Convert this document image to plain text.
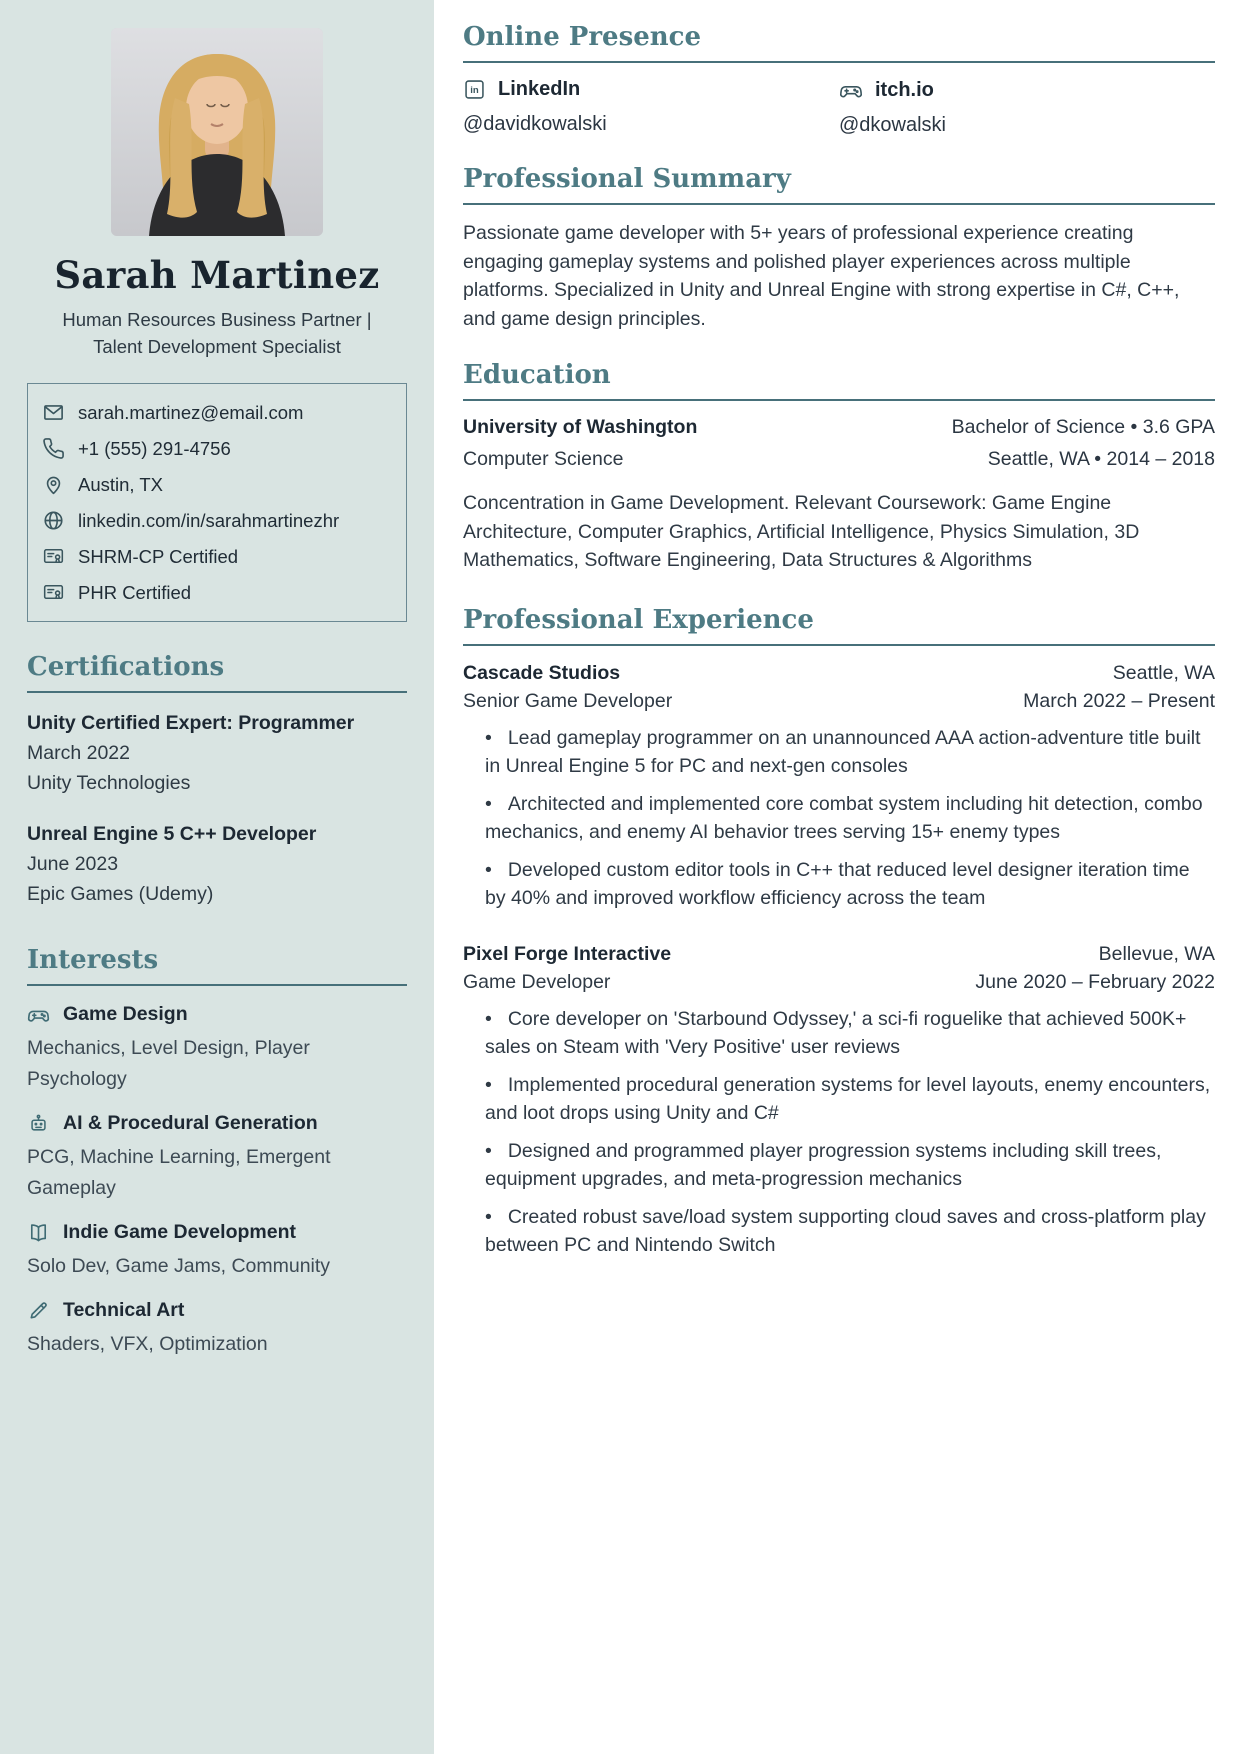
Sarah Martinez

Human Resources Business Partner | Talent Development Specialist

sarah.martinez@email.com
+1 (555) 291-4756
Austin, TX
linkedin.com/in/sarahmartinezhr
SHRM-CP Certified
PHR Certified
Certifications
Unity Certified Expert: Programmer
March 2022
Unity Technologies
Unreal Engine 5 C++ Developer
June 2023
Epic Games (Udemy)
Interests
Game Design
Mechanics, Level Design, Player Psychology
AI & Procedural Generation
PCG, Machine Learning, Emergent Gameplay
Indie Game Development
Solo Dev, Game Jams, Community
Technical Art
Shaders, VFX, Optimization
Online Presence
in LinkedIn
@davidkowalski
itch.io
@dkowalski
Professional Summary

Passionate game developer with 5+ years of professional experience creating engaging gameplay systems and polished player experiences across multiple platforms. Specialized in Unity and Unreal Engine with strong expertise in C#, C++, and game design principles.

Education
University of Washington	Bachelor of Science • 3.6 GPA
Computer Science	Seattle, WA • 2014 – 2018

Concentration in Game Development. Relevant Coursework: Game Engine Architecture, Computer Graphics, Artificial Intelligence, Physics Simulation, 3D Mathematics, Software Engineering, Data Structures & Algorithms

Professional Experience
Cascade Studios	Seattle, WA
Senior Game Developer	March 2022 – Present
• Lead gameplay programmer on an unannounced AAA action-adventure title built in Unreal Engine 5 for PC and next-gen consoles
• Architected and implemented core combat system including hit detection, combo mechanics, and enemy AI behavior trees serving 15+ enemy types
• Developed custom editor tools in C++ that reduced level designer iteration time by 40% and improved workflow efficiency across the team
Pixel Forge Interactive	Bellevue, WA
Game Developer	June 2020 – February 2022
• Core developer on 'Starbound Odyssey,' a sci-fi roguelike that achieved 500K+ sales on Steam with 'Very Positive' user reviews
• Implemented procedural generation systems for level layouts, enemy encounters, and loot drops using Unity and C#
• Designed and programmed player progression systems including skill trees, equipment upgrades, and meta-progression mechanics
• Created robust save/load system supporting cloud saves and cross-platform play between PC and Nintendo Switch
